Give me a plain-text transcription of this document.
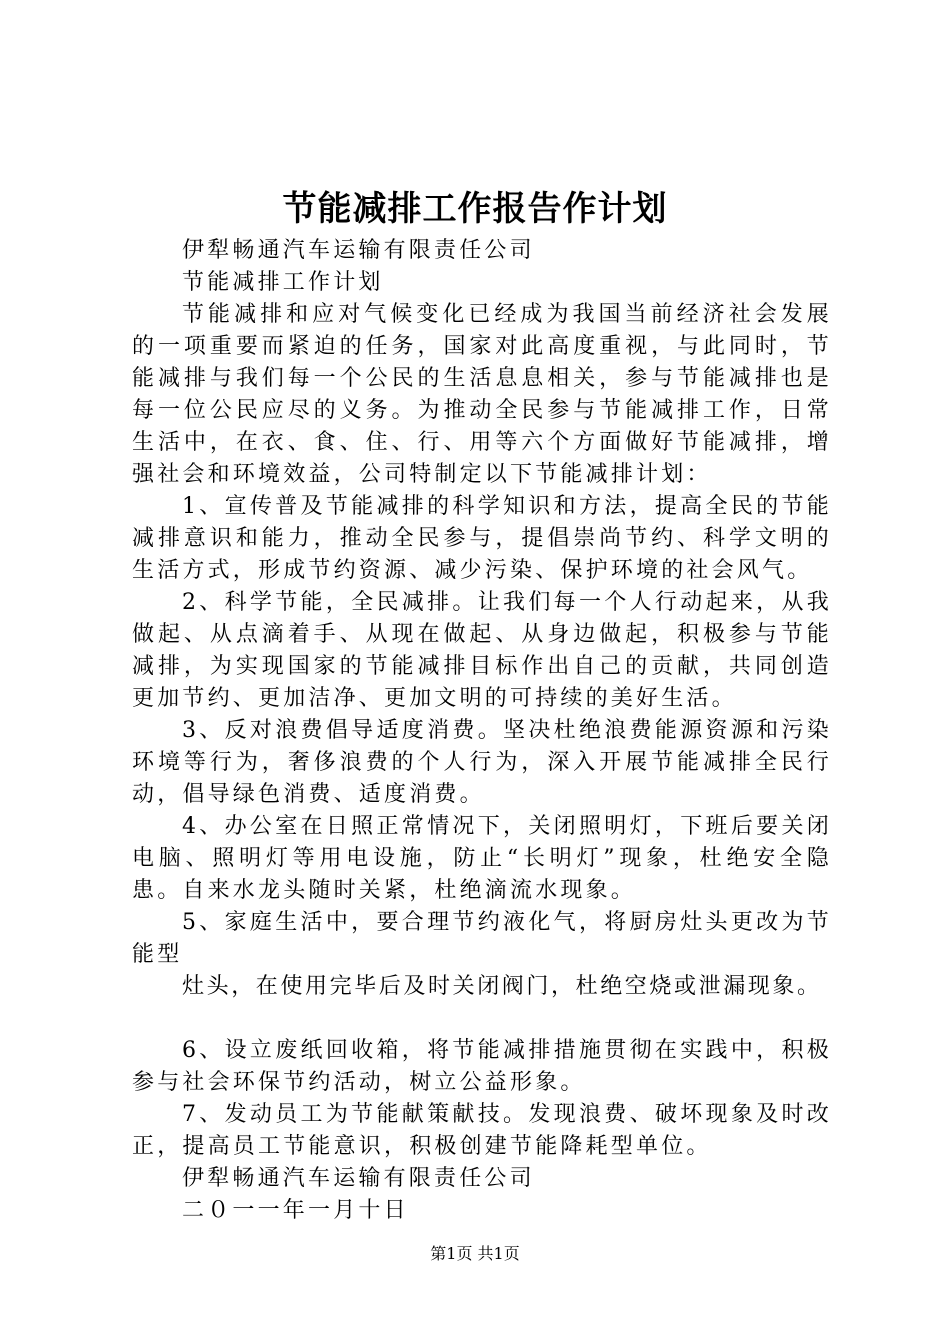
节能减排工作报告作计划
伊犁畅通汽车运输有限责任公司
节能减排工作计划
节能减排和应对气候变化已经成为我国当前经济社会发展的一项重要而紧迫的任务，国家对此高度重视，与此同时，节能减排与我们每一个公民的生活息息相关，参与节能减排也是每一位公民应尽的义务。为推动全民参与节能减排工作，日常生活中，在衣、食、住、行、用等六个方面做好节能减排，增强社会和环境效益，公司特制定以下节能减排计划：
1、宣传普及节能减排的科学知识和方法，提高全民的节能减排意识和能力，推动全民参与，提倡崇尚节约、科学文明的生活方式，形成节约资源、减少污染、保护环境的社会风气。
2、科学节能，全民减排。让我们每一个人行动起来，从我做起、从点滴着手、从现在做起、从身边做起，积极参与节能减排，为实现国家的节能减排目标作出自己的贡献，共同创造更加节约、更加洁净、更加文明的可持续的美好生活。
3、反对浪费倡导适度消费。坚决杜绝浪费能源资源和污染环境等行为，奢侈浪费的个人行为，深入开展节能减排全民行动，倡导绿色消费、适度消费。
4、办公室在日照正常情况下，关闭照明灯，下班后要关闭电脑、照明灯等用电设施，防止“长明灯”现象，杜绝安全隐患。自来水龙头随时关紧，杜绝滴流水现象。
5、家庭生活中，要合理节约液化气，将厨房灶头更改为节能型
灶头，在使用完毕后及时关闭阀门，杜绝空烧或泄漏现象。
6、设立废纸回收箱，将节能减排措施贯彻在实践中，积极参与社会环保节约活动，树立公益形象。
7、发动员工为节能献策献技。发现浪费、破坏现象及时改正，提高员工节能意识，积极创建节能降耗型单位。
伊犁畅通汽车运输有限责任公司
二０一一年一月十日
第1页 共1页
